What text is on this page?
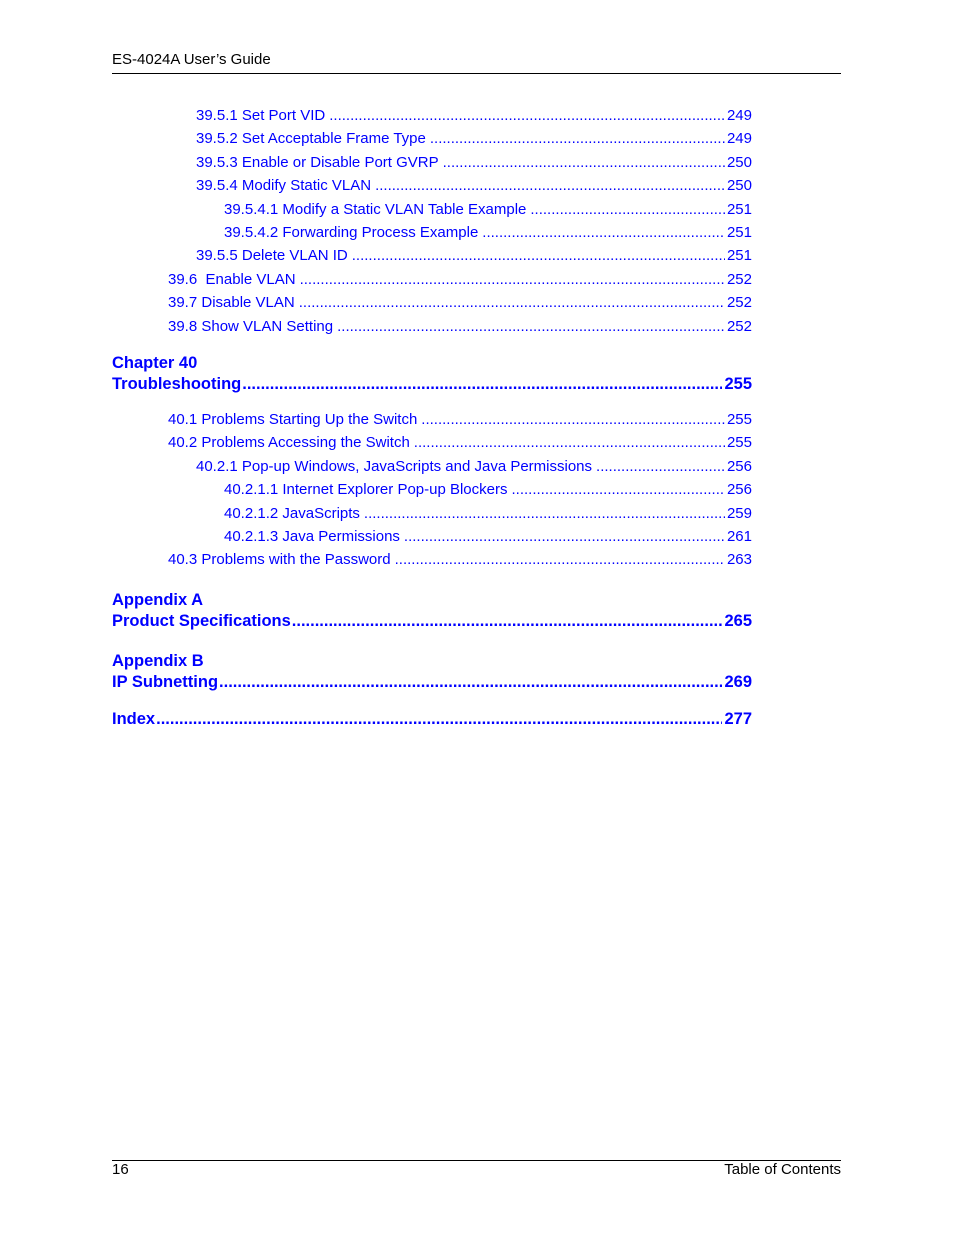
ES-4024A User’s Guide
39.5.1 Set Port VID .....	249
39.5.2 Set Acceptable Frame Type .....	249
39.5.3 Enable or Disable Port GVRP .....	250
39.5.4 Modify Static VLAN .....	250
39.5.4.1 Modify a Static VLAN Table Example .....	251
39.5.4.2 Forwarding Process Example .....	251
39.5.5 Delete VLAN ID .....	251
39.6  Enable VLAN .....	252
39.7 Disable VLAN .....	252
39.8 Show VLAN Setting .....	252
Chapter 40
Troubleshooting .....	255
40.1 Problems Starting Up the Switch .....	255
40.2 Problems Accessing the Switch .....	255
40.2.1 Pop-up Windows, JavaScripts and Java Permissions .....	256
40.2.1.1 Internet Explorer Pop-up Blockers .....	256
40.2.1.2 JavaScripts .....	259
40.2.1.3 Java Permissions .....	261
40.3 Problems with the Password .....	263
Appendix A
Product Specifications .....	265
Appendix B
IP Subnetting .....	269
Index .....	277
16	Table of Contents
